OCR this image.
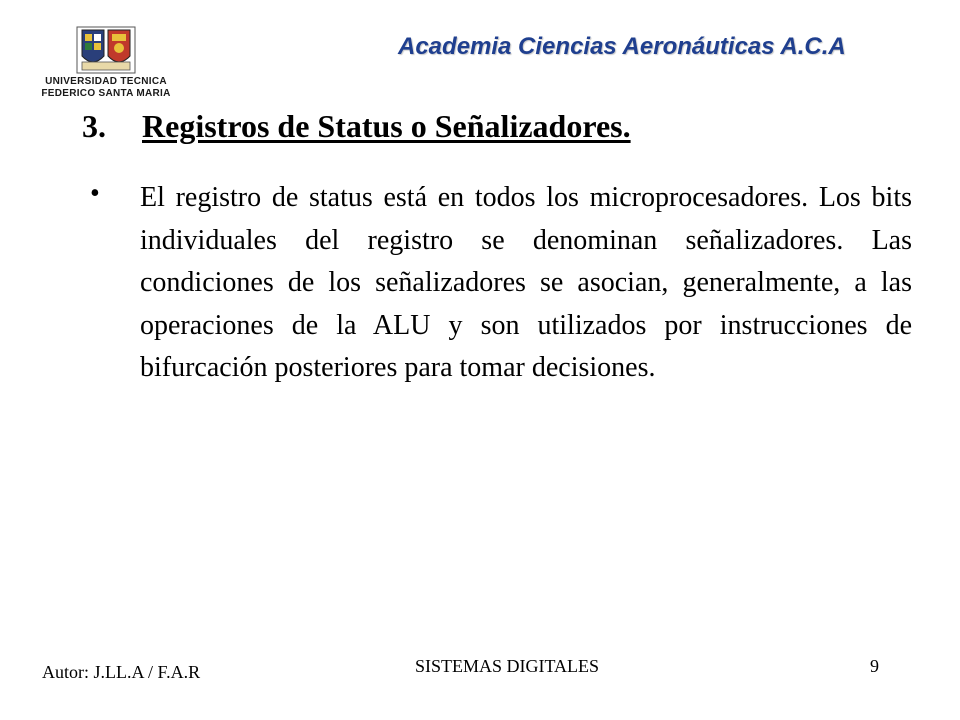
UNIVERSIDAD TECNICA
FEDERICO SANTA MARIA
Academia Ciencias Aeronáuticas A.C.A
3. Registros de Status o Señalizadores.
• El registro de status está en todos los microprocesadores. Los bits individuales del registro se denominan señalizadores. Las condiciones de los señalizadores se asocian, generalmente, a las operaciones de la ALU y son utilizados por instrucciones de bifurcación posteriores para tomar decisiones.
Autor: J.LL.A / F.A.R	SISTEMAS DIGITALES	9
